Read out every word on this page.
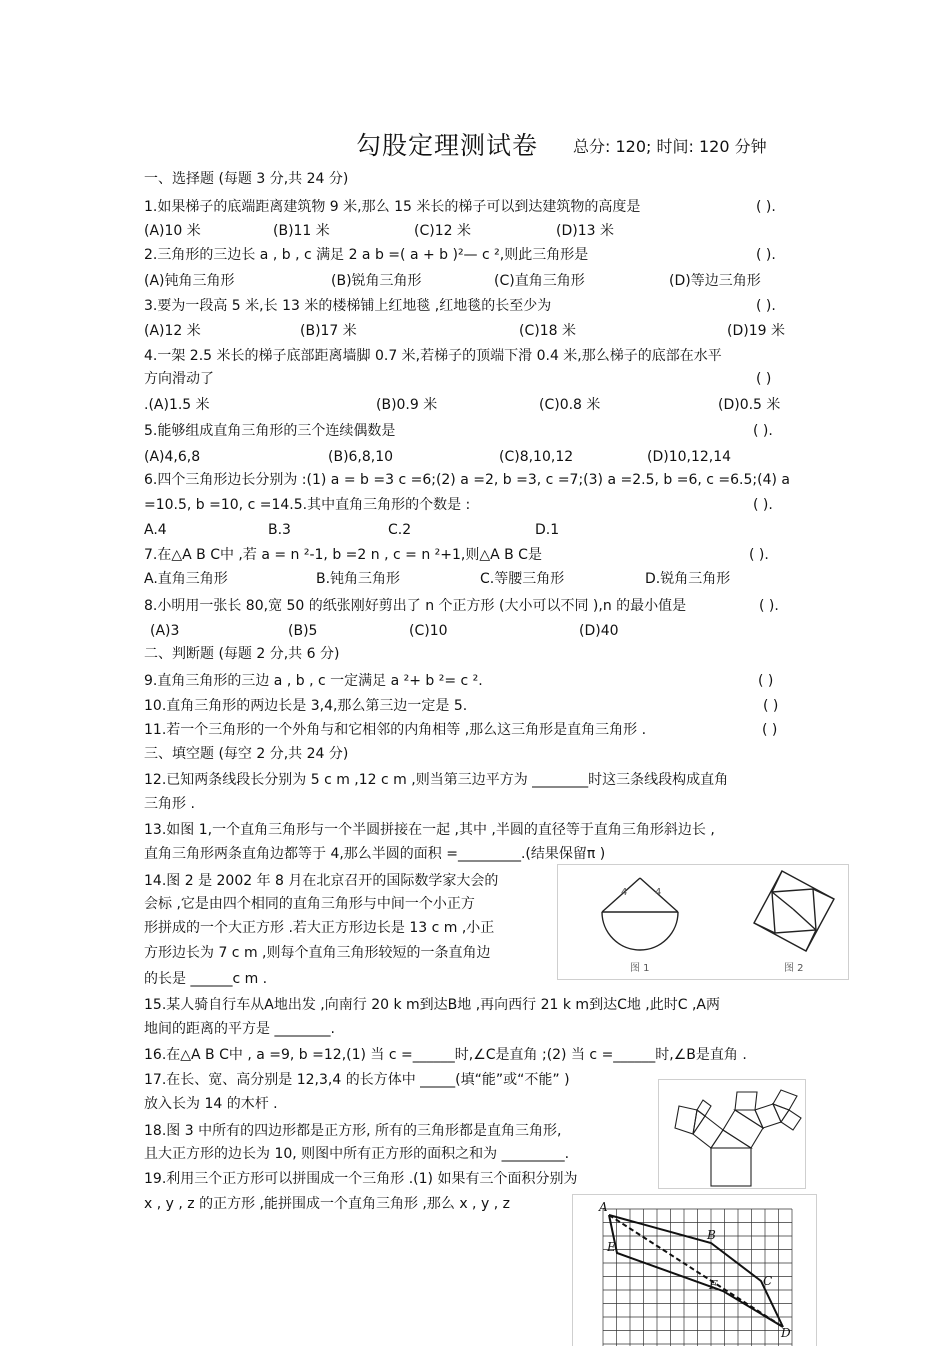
勾股定理测试卷 总分: 120; 时间: 120 分钟
一、选择题 (每题 3 分,共 24 分)
1.如果梯子的底端距离建筑物 9 米,那么 15 米长的梯子可以到达建筑物的高度是
(A)10 米	(B)11 米	(C)12 米	(D)13 米
2.三角形的三边长 a , b , c 满足 2 a b =( a + b )²— c ²,则此三角形是
(A)钝角三角形	(B)锐角三角形	(C)直角三角形	(D)等边三角形
3.要为一段高 5 米,长 13 米的楼梯铺上红地毯 ,红地毯的长至少为
(A)12 米	(B)17 米	(C)18 米	(D)19 米
4.一架 2.5 米长的梯子底部距离墙脚 0.7 米,若梯子的顶端下滑 0.4 米,那么梯子的底部在水平
方向滑动了
.(A)1.5 米	(B)0.9 米	(C)0.8 米	(D)0.5 米
5.能够组成直角三角形的三个连续偶数是
(A)4,6,8	(B)6,8,10	(C)8,10,12	(D)10,12,14
6.四个三角形边长分别为 :(1) a = b =3 c =6;(2) a =2, b =3, c =7;(3) a =2.5, b =6, c =6.5;(4) a
=10.5, b =10, c =14.5.其中直角三角形的个数是 :
A.4	B.3	C.2	D.1
7.在△A B C中 ,若 a = n ²-1, b =2 n , c = n ²+1,则△A B C是
A.直角三角形	B.钝角三角形	C.等腰三角形	D.锐角三角形
8.小明用一张长 80,宽 50 的纸张刚好剪出了 n 个正方形 (大小可以不同 ),n 的最小值是
(A)3	(B)5	(C)10	(D)40
二、判断题 (每题 2 分,共 6 分)
9.直角三角形的三边 a , b , c 一定满足 a ²+ b ²= c ².
10.直角三角形的两边长是 3,4,那么第三边一定是 5.
11.若一个三角形的一个外角与和它相邻的内角相等 ,那么这三角形是直角三角形 .
三、填空题 (每空 2 分,共 24 分)
12.已知两条线段长分别为 5 c m ,12 c m ,则当第三边平方为 ________时这三条线段构成直角
三角形 .
13.如图 1,一个直角三角形与一个半圆拼接在一起 ,其中 ,半圆的直径等于直角三角形斜边长 ,
直角三角形两条直角边都等于 4,那么半圆的面积 =_________.(结果保留π )
14.图 2 是 2002 年 8 月在北京召开的国际数学家大会的
会标 ,它是由四个相同的直角三角形与中间一个小正方
形拼成的一个大正方形 .若大正方形边长是 13 c m ,小正
方形边长为 7 c m ,则每个直角三角形较短的一条直角边
的长是 ______c m .
15.某人骑自行车从A地出发 ,向南行 20 k m到达B地 ,再向西行 21 k m到达C地 ,此时C ,A两
地间的距离的平方是 ________.
16.在△A B C中 , a =9, b =12,(1) 当 c =______时,∠C是直角 ;(2) 当 c =______时,∠B是直角 .
17.在长、宽、高分别是 12,3,4 的长方体中 _____(填“能”或“不能” )
放入长为 14 的木杆 .
18.图 3 中所有的四边形都是正方形, 所有的三角形都是直角三角形,
且大正方形的边长为 10, 则图中所有正方形的面积之和为 _________.
19.利用三个正方形可以拼围成一个三角形 .(1) 如果有三个面积分别为
x , y , z 的正方形 ,能拼围成一个直角三角形 ,那么 x , y , z
( ).
( ).
( ).
( )
( ).
( ).
( ).
( ).
( )
( )
( )
4	4
图 1	图 2
A
B
E
F	C
D
